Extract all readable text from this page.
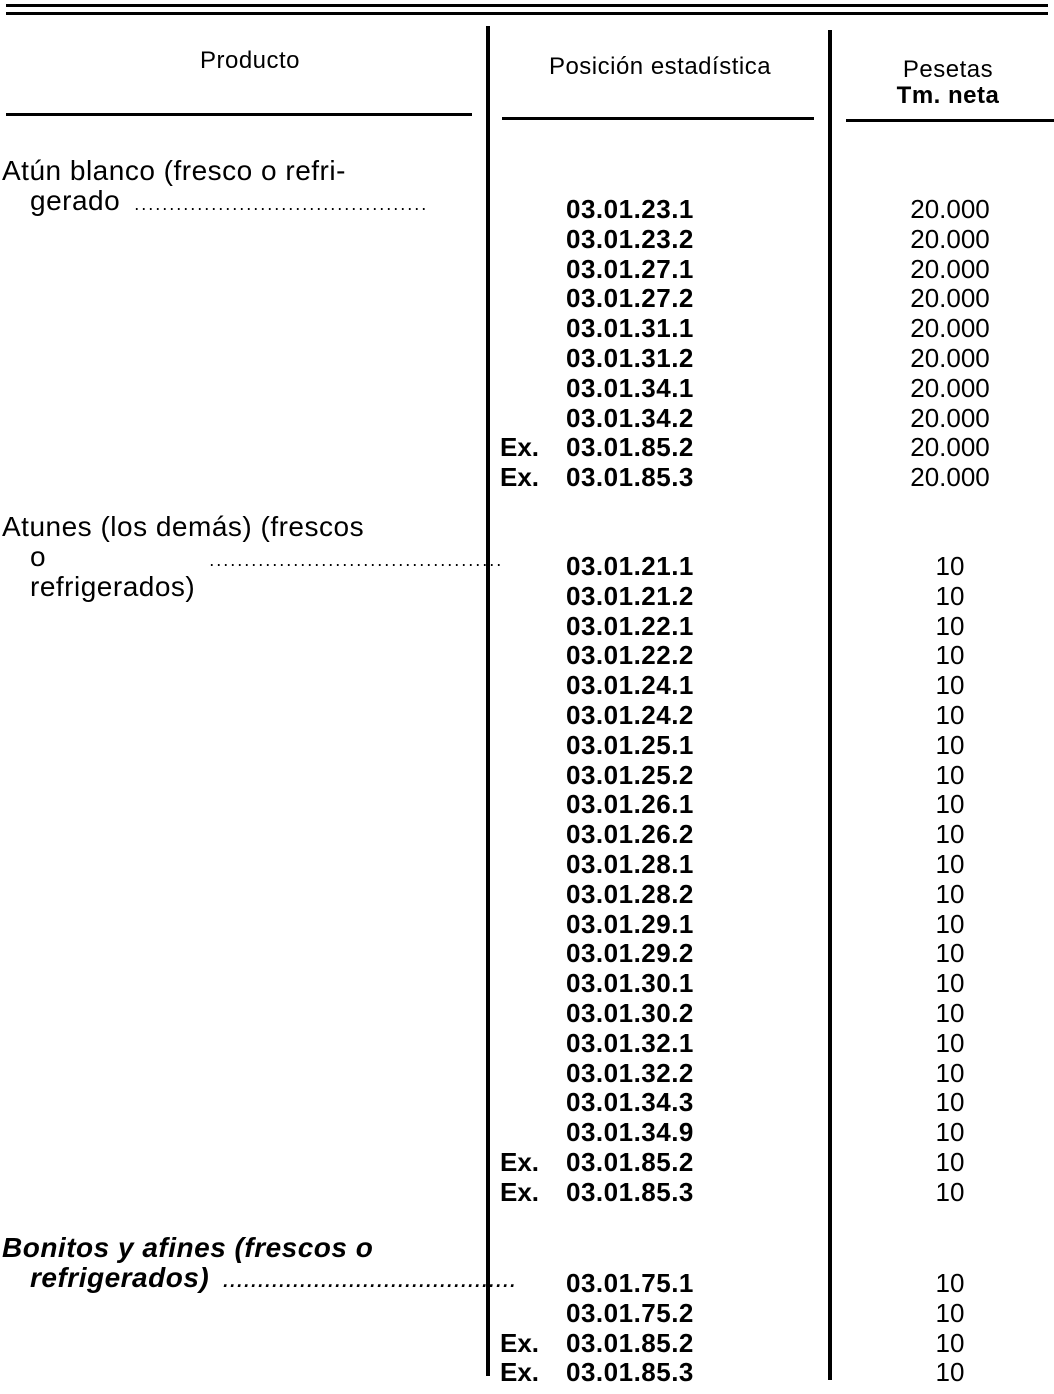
Producto	Posición estadística	Pesetas
Tm. neta
Atún blanco (fresco o refri-
gerado ..........................................	03.01.23.1	20.000
03.01.23.2	20.000
03.01.27.1	20.000
03.01.27.2	20.000
03.01.31.1	20.000
03.01.31.2	20.000
03.01.34.1	20.000
03.01.34.2	20.000
Ex.	03.01.85.2	20.000
Ex.	03.01.85.3	20.000
Atunes (los demás) (frescos
o refrigerados)
.......................................... 03.01.21.1	10
03.01.21.2	10
03.01.22.1	10
03.01.22.2	10
03.01.24.1	10
03.01.24.2	10
03.01.25.1	10
03.01.25.2	10
03.01.26.1	10
03.01.26.2	10
03.01.28.1	10
03.01.28.2	10
03.01.29.1	10
03.01.29.2	10
03.01.30.1	10
03.01.30.2	10
03.01.32.1	10
03.01.32.2	10
03.01.34.3	10
03.01.34.9	10
Ex.	03.01.85.2	10
Ex.	03.01.85.3	10
Bonitos y afines (frescos o
refrigerados) .......................................... 03.01.75.1	10
03.01.75.2	10
Ex.	03.01.85.2	10
Ex.	03.01.85.3	10
